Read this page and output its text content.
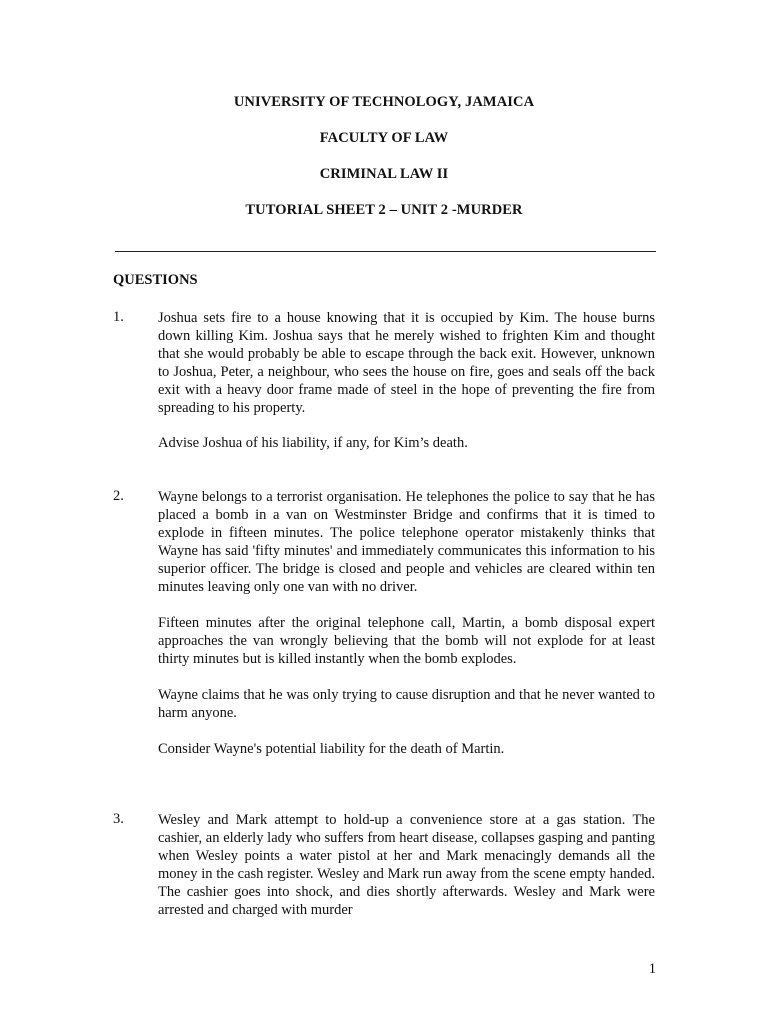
UNIVERSITY OF TECHNOLOGY, JAMAICA
FACULTY OF LAW
CRIMINAL LAW II
TUTORIAL SHEET 2 – UNIT 2 -MURDER
QUESTIONS
1. Joshua sets fire to a house knowing that it is occupied by Kim. The house burns down killing Kim. Joshua says that he merely wished to frighten Kim and thought that she would probably be able to escape through the back exit. However, unknown to Joshua, Peter, a neighbour, who sees the house on fire, goes and seals off the back exit with a heavy door frame made of steel in the hope of preventing the fire from spreading to his property.
Advise Joshua of his liability, if any, for Kim’s death.
2. Wayne belongs to a terrorist organisation. He telephones the police to say that he has placed a bomb in a van on Westminster Bridge and confirms that it is timed to explode in fifteen minutes. The police telephone operator mistakenly thinks that Wayne has said 'fifty minutes' and immediately communicates this information to his superior officer. The bridge is closed and people and vehicles are cleared within ten minutes leaving only one van with no driver.
Fifteen minutes after the original telephone call, Martin, a bomb disposal expert approaches the van wrongly believing that the bomb will not explode for at least thirty minutes but is killed instantly when the bomb explodes.
Wayne claims that he was only trying to cause disruption and that he never wanted to harm anyone.
Consider Wayne's potential liability for the death of Martin.
3. Wesley and Mark attempt to hold-up a convenience store at a gas station. The cashier, an elderly lady who suffers from heart disease, collapses gasping and panting when Wesley points a water pistol at her and Mark menacingly demands all the money in the cash register. Wesley and Mark run away from the scene empty handed. The cashier goes into shock, and dies shortly afterwards. Wesley and Mark were arrested and charged with murder
1
